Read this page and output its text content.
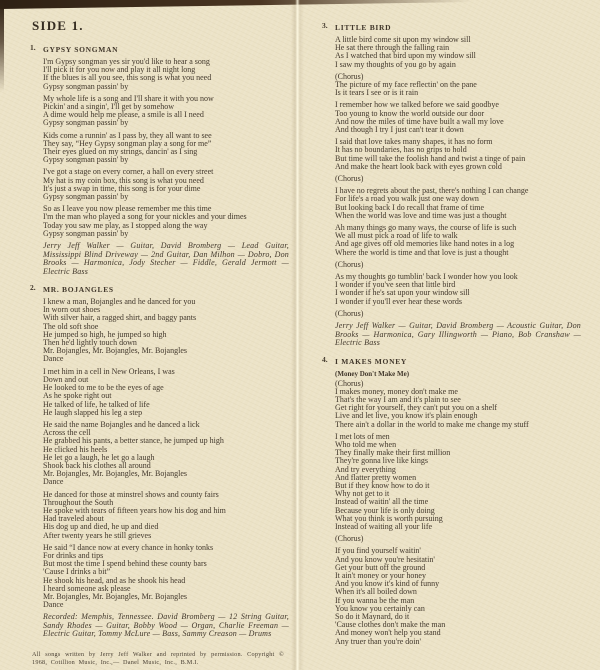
SIDE 1.
1. GYPSY SONGMAN
I'm Gypsy songman yes sir you'd like to hear a song
I'll pick it for you now and play it all night long
If the blues is all you see, this song is what you need
Gypsy songman passin' by
My whole life is a song and I'll share it with you now
Pickin' and a singin', I'll get by somehow
A dime would help me please, a smile is all I need
Gypsy songman passin' by
Kids come a runnin' as I pass by, they all want to see
They say, “Hey Gypsy songman play a song for me”
Their eyes glued on my strings, dancin' as I sing
Gypsy songman passin' by
I've got a stage on every corner, a hall on every street
My hat is my coin box, this song is what you need
It's just a swap in time, this song is for your dime
Gypsy songman passin' by
So as I leave you now please remember me this time
I'm the man who played a song for your nickles and your dimes
Today you saw me play, as I stopped along the way
Gypsy songman passin' by

Jerry Jeff Walker — Guitar, David Bromberg — Lead Guitar, Mississippi Blind Driveway — 2nd Guitar, Dan Milhon — Dobro, Don Brooks — Harmonica, Jody Stecher — Fiddle, Gerald Jermott — Electric Bass

2. MR. BOJANGLES
I knew a man, Bojangles and he danced for you
In worn out shoes
With silver hair, a ragged shirt, and baggy pants
The old soft shoe
He jumped so high, he jumped so high
Then he'd lightly touch down
Mr. Bojangles, Mr. Bojangles, Mr. Bojangles
Dance
I met him in a cell in New Orleans, I was
Down and out
He looked to me to be the eyes of age
As he spoke right out
He talked of life, he talked of life
He laugh slapped his leg a step
He said the name Bojangles and he danced a lick
Across the cell
He grabbed his pants, a better stance, he jumped up high
He clicked his heels
He let go a laugh, he let go a laugh
Shook back his clothes all around
Mr. Bojangles, Mr. Bojangles, Mr. Bojangles
Dance
He danced for those at minstrel shows and county fairs
Throughout the South
He spoke with tears of fifteen years how his dog and him
Had traveled about
His dog up and died, he up and died
After twenty years he still grieves
He said “I dance now at every chance in honky tonks
For drinks and tips
But most the time I spend behind these county bars
'Cause I drinks a bit”
He shook his head, and as he shook his head
I heard someone ask please
Mr. Bojangles, Mr. Bojangles, Mr. Bojangles
Dance

Recorded: Memphis, Tennessee. David Bromberg — 12 String Guitar, Sandy Rhodes — Guitar, Bobby Wood — Organ, Charlie Freeman — Electric Guitar, Tommy McLure — Bass, Sammy Creason — Drums

All songs written by Jerry Jeff Walker and reprinted by permission. Copyright © 1968, Cotillion Music, Inc.,— Danel Music, Inc., B.M.I.

3. LITTLE BIRD
A little bird come sit upon my window sill
He sat there through the falling rain
As I watched that bird upon my window sill
I saw my thoughts of you go by again
(Chorus)
The picture of my face reflectin' on the pane
Is it tears I see or is it rain
I remember how we talked before we said goodbye
Too young to know the world outside our door
And now the miles of time have built a wall my love
And though I try I just can't tear it down
I said that love takes many shapes, it has no form
It has no boundaries, has no grips to hold
But time will take the foolish hand and twist a tinge of pain
And make the heart look back with eyes grown cold
(Chorus)
I have no regrets about the past, there's nothing I can change
For life's a road you walk just one way down
But looking back I do recall that frame of time
When the world was love and time was just a thought
Ah many things go many ways, the course of life is such
We all must pick a road of life to walk
And age gives off old memories like hand notes in a log
Where the world is time and that love is just a thought
(Chorus)
As my thoughts go tumblin' back I wonder how you look
I wonder if you've seen that little bird
I wonder if he's sat upon your window sill
I wonder if you'll ever hear these words
(Chorus)

Jerry Jeff Walker — Guitar, David Bromberg — Acoustic Guitar, Don Brooks — Harmonica, Gary Illingworth — Piano, Bob Cranshaw — Electric Bass

4. I MAKES MONEY
(Money Don't Make Me)
(Chorus)
I makes money, money don't make me
That's the way I am and it's plain to see
Get right for yourself, they can't put you on a shelf
Live and let live, you know it's plain enough
There ain't a dollar in the world to make me change my stuff
I met lots of men
Who told me when
They finally make their first million
They're gonna live like kings
And try everything
And flatter pretty women
But if they know how to do it
Why not get to it
Instead of waitin' all the time
Because your life is only doing
What you think is worth pursuing
Instead of waiting all your life
(Chorus)
If you find yourself waitin'
And you know you're hesitatin'
Get your butt off the ground
It ain't money or your honey
And you know it's kind of funny
When it's all boiled down
If you wanna be the man
You know you certainly can
So do it Maynard, do it
'Cause clothes don't make the man
And money won't help you stand
Any truer than you're doin'
